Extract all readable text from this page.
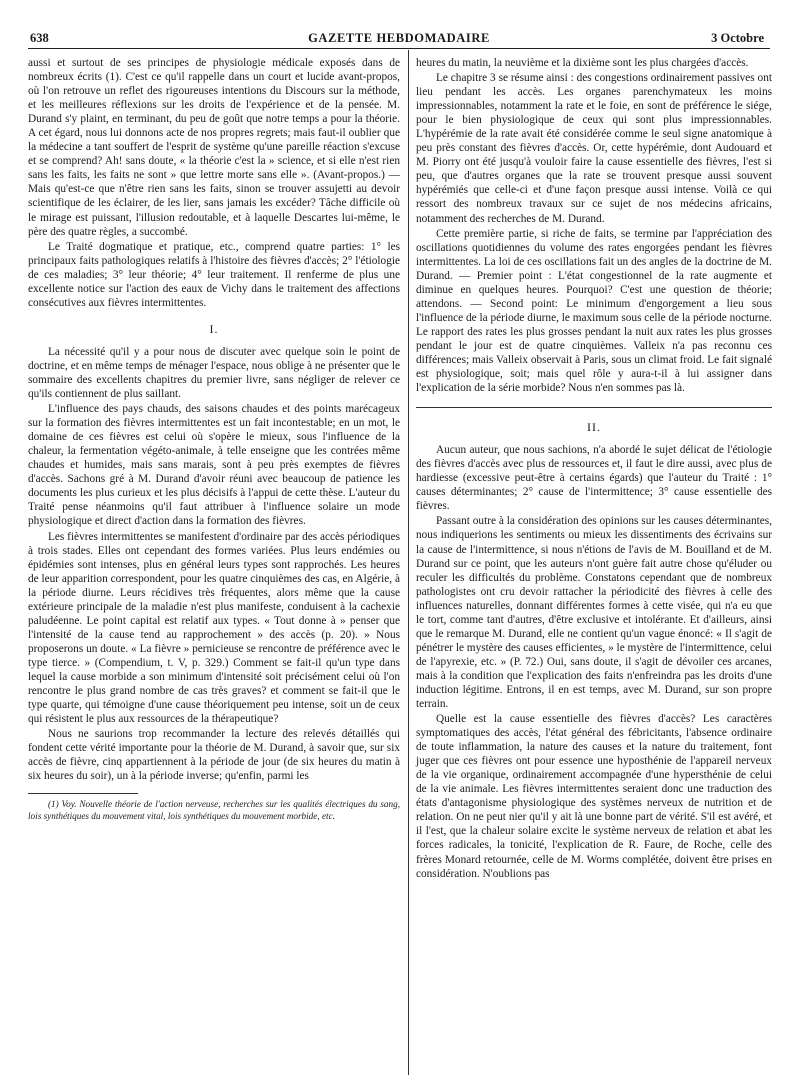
638	GAZETTE HEBDOMADAIRE	3 Octobre

aussi et surtout de ses principes de physiologie médicale exposés dans de nombreux écrits (1). C'est ce qu'il rappelle dans un court et lucide avant-propos, où l'on retrouve un reflet des rigoureuses intentions du Discours sur la méthode, et les meilleures réflexions sur les droits de l'expérience et de la pensée. M. Durand s'y plaint, en terminant, du peu de goût que notre temps a pour la théorie. A cet égard, nous lui donnons acte de nos propres regrets; mais faut-il oublier que la médecine a tant souffert de l'esprit de système qu'une pareille réaction s'excuse et se comprend? Ah! sans doute, « la théorie c'est la » science, et si elle n'est rien sans les faits, les faits ne sont » que lettre morte sans elle ». (Avant-propos.) — Mais qu'est-ce que n'être rien sans les faits, sinon se trouver assujetti au devoir scientifique de les éclairer, de les lier, sans jamais les excéder? Tâche difficile où le mirage est puissant, l'illusion redoutable, et à laquelle Descartes lui-même, le père des quatre règles, a succombé.

Le Traité dogmatique et pratique, etc., comprend quatre parties: 1° les principaux faits pathologiques relatifs à l'histoire des fièvres d'accès; 2° l'étiologie de ces maladies; 3° leur théorie; 4° leur traitement. Il renferme de plus une excellente notice sur l'action des eaux de Vichy dans le traitement des affections consécutives aux fièvres intermittentes.

I.

La nécessité qu'il y a pour nous de discuter avec quelque soin le point de doctrine, et en même temps de ménager l'espace, nous oblige à ne présenter que le sommaire des excellents chapitres du premier livre, sans négliger de relever ce qu'ils contiennent de plus saillant.

L'influence des pays chauds, des saisons chaudes et des points marécageux sur la formation des fièvres intermittentes est un fait incontestable; en un mot, le domaine de ces fièvres est celui où s'opère le mieux, sous l'influence de la chaleur, la fermentation végéto-animale, à telle enseigne que les contrées même chaudes et humides, mais sans marais, sont à peu près exemptes de fièvres d'accès. Sachons gré à M. Durand d'avoir réuni avec beaucoup de patience les documents les plus curieux et les plus décisifs à l'appui de cette thèse. L'auteur du Traité pense néanmoins qu'il faut attribuer à l'influence solaire un mode physiologique et direct d'action dans la formation des fièvres.

Les fièvres intermittentes se manifestent d'ordinaire par des accès périodiques à trois stades. Elles ont cependant des formes variées. Plus leurs endémies ou épidémies sont intenses, plus en général leurs types sont rapprochés. Les heures de leur apparition correspondent, pour les quatre cinquièmes des cas, en Algérie, à la période diurne. Leurs récidives très fréquentes, alors même que la cause extérieure principale de la maladie n'est plus manifeste, conduisent à la cachexie paludéenne. Le point capital est relatif aux types. « Tout donne à » penser que l'intensité de la cause tend au rapprochement » des accès (p. 20). » Nous proposerons un doute. « La fièvre » pernicieuse se rencontre de préférence avec le type tierce. » (Compendium, t. V, p. 329.) Comment se fait-il qu'un type dans lequel la cause morbide a son minimum d'intensité soit précisément celui où l'on rencontre le plus grand nombre de cas très graves? et comment se fait-il que le type quarte, qui témoigne d'une cause théoriquement peu intense, soit un de ceux qui résistent le plus aux ressources de la thérapeutique?

Nous ne saurions trop recommander la lecture des relevés détaillés qui fondent cette vérité importante pour la théorie de M. Durand, à savoir que, sur six accès de fièvre, cinq appartiennent à la période de jour (de six heures du matin à six heures du soir), un à la période inverse; qu'enfin, parmi les

(1) Voy. Nouvelle théorie de l'action nerveuse, recherches sur les qualités électriques du sang, lois synthétiques du mouvement vital, lois synthétiques du mouvement morbide, etc.

heures du matin, la neuvième et la dixième sont les plus chargées d'accès.

Le chapitre 3 se résume ainsi : des congestions ordinairement passives ont lieu pendant les accès. Les organes parenchymateux les moins impressionnables, notamment la rate et le foie, en sont de préférence le siége, pour le bien physiologique de ceux qui sont plus impressionnables. L'hypérémie de la rate avait été considérée comme le seul signe anatomique à peu près constant des fièvres d'accès. Or, cette hypérémie, dont Audouard et M. Piorry ont été jusqu'à vouloir faire la cause essentielle des fièvres, l'est si peu, que d'autres organes que la rate se trouvent presque aussi souvent hypérémiés que celle-ci et d'une façon presque aussi intense. Voilà ce qui ressort des nombreux travaux sur ce sujet de nos médecins africains, notamment des recherches de M. Durand.

Cette première partie, si riche de faits, se termine par l'appréciation des oscillations quotidiennes du volume des rates engorgées pendant les fièvres intermittentes. La loi de ces oscillations fait un des angles de la doctrine de M. Durand. — Premier point : L'état congestionnel de la rate augmente et diminue en quelques heures. Pourquoi? C'est une question de théorie; attendons. — Second point: Le minimum d'engorgement a lieu sous l'influence de la période diurne, le maximum sous celle de la période nocturne. Le rapport des rates les plus grosses pendant la nuit aux rates les plus grosses pendant le jour est de quatre cinquièmes. Valleix n'a pas reconnu ces différences; mais Valleix observait à Paris, sous un climat froid. Le fait signalé est physiologique, soit; mais quel rôle y aura-t-il à lui assigner dans l'explication de la série morbide? Nous n'en sommes pas là.

II.

Aucun auteur, que nous sachions, n'a abordé le sujet délicat de l'étiologie des fièvres d'accès avec plus de ressources et, il faut le dire aussi, avec plus de hardiesse (excessive peut-être à certains égards) que l'auteur du Traité : 1° causes déterminantes; 2° cause de l'intermittence; 3° cause essentielle des fièvres.

Passant outre à la considération des opinions sur les causes déterminantes, nous indiquerions les sentiments ou mieux les dissentiments des écrivains sur la cause de l'intermittence, si nous n'étions de l'avis de M. Bouilland et de M. Durand sur ce point, que les auteurs n'ont guère fait autre chose qu'éluder ou reculer les difficultés du problème. Constatons cependant que de nombreux pathologistes ont cru devoir rattacher la périodicité des fièvres à celle des influences naturelles, donnant différentes formes à cette visée, qui n'a eu que le tort, comme tant d'autres, d'être exclusive et intolérante. Et d'ailleurs, ainsi que le remarque M. Durand, elle ne contient qu'un vague énoncé: « Il s'agit de pénétrer le mystère des causes efficientes, » le mystère de l'intermittence, celui de l'apyrexie, etc. » (P. 72.) Oui, sans doute, il s'agit de dévoiler ces arcanes, mais à la condition que l'explication des faits n'enfreindra pas les droits d'une induction légitime. Entrons, il en est temps, avec M. Durand, sur son propre terrain.

Quelle est la cause essentielle des fièvres d'accès? Les caractères symptomatiques des accès, l'état général des fébricitants, l'absence ordinaire de toute inflammation, la nature des causes et la nature du traitement, font juger que ces fièvres ont pour essence une hyposthénie de l'appareil nerveux de la vie organique, ordinairement accompagnée d'une hypersthénie de celui de la vie animale. Les fièvres intermittentes seraient donc une traduction des états d'antagonisme physiologique des systèmes nerveux de nutrition et de relation. On ne peut nier qu'il y ait là une bonne part de vérité. S'il est avéré, et il l'est, que la chaleur solaire excite le système nerveux de relation et abat les forces radicales, la tonicité, l'explication de R. Faure, de Roche, celle des frères Monard retournée, celle de M. Worms complétée, doivent être prises en considération. N'oublions pas
